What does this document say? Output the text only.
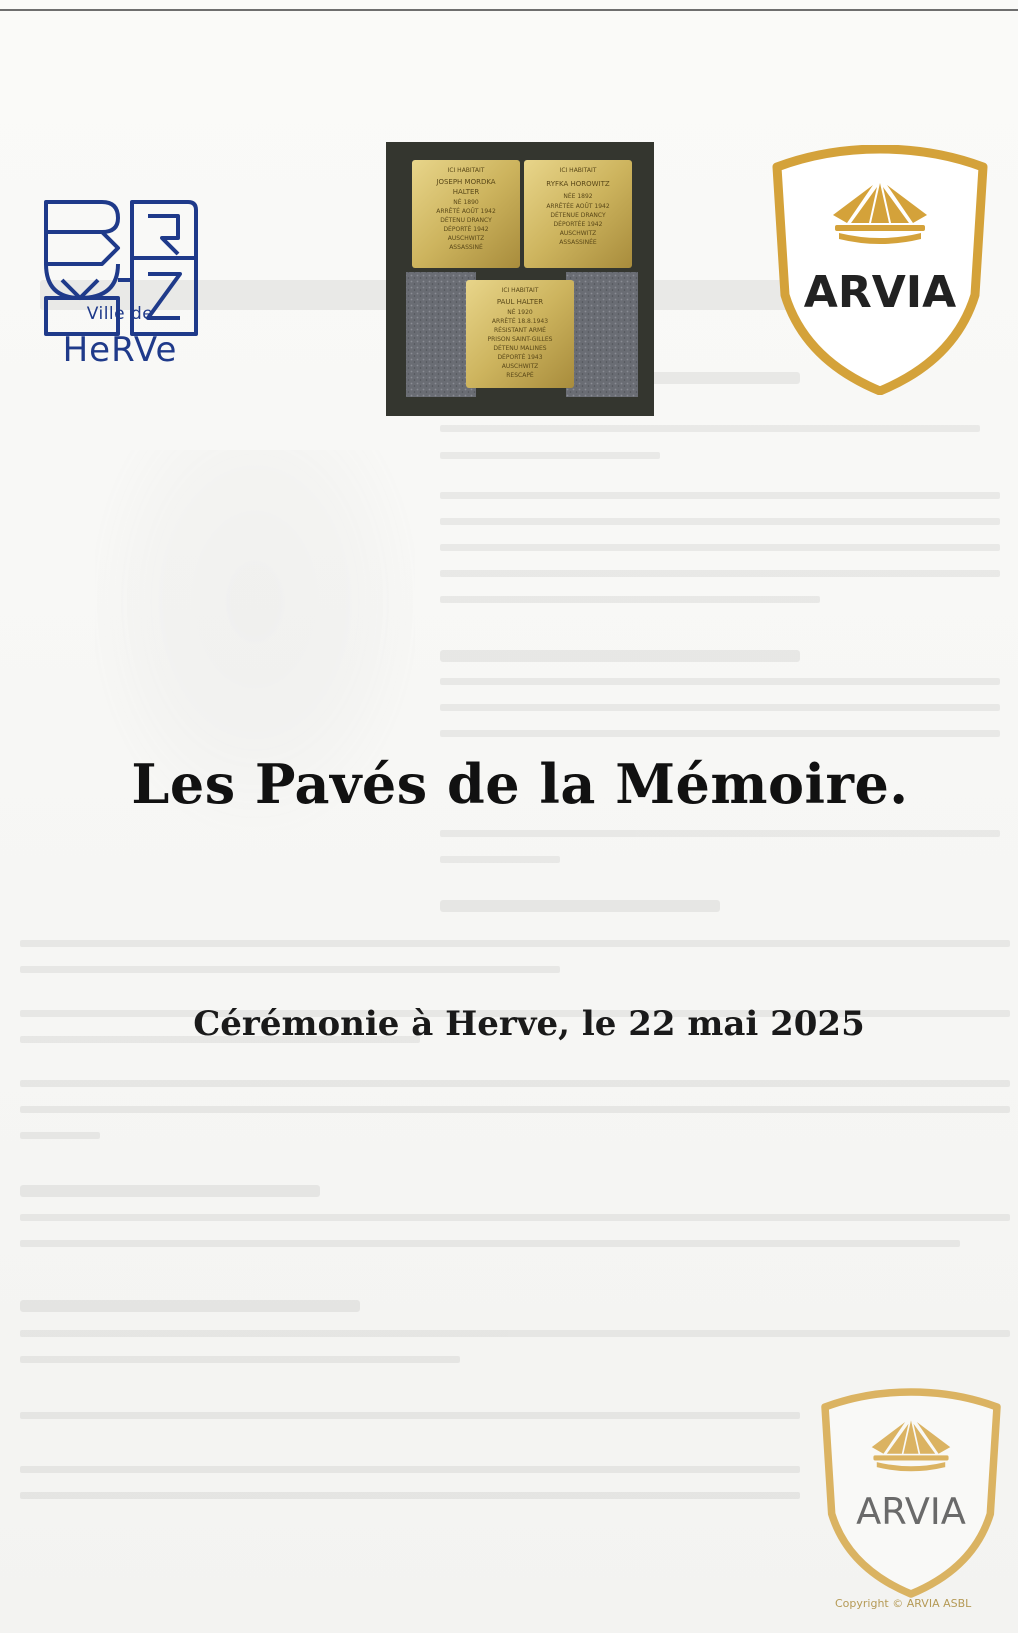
Ville de
HeRVe
ICI HABITAIT
JOSEPH MORDKA
HALTER
NÉ 1890
ARRÊTÉ AOÛT 1942
DÉTENU DRANCY
DÉPORTÉ 1942
AUSCHWITZ
ASSASSINÉ
ICI HABITAIT
RYFKA HOROWITZ
NÉE 1892
ARRÊTÉE AOÛT 1942
DÉTENUE DRANCY
DÉPORTÉE 1942
AUSCHWITZ
ASSASSINÉE
ICI HABITAIT
PAUL HALTER
NÉ 1920
ARRÊTÉ 18.8.1943
RÉSISTANT ARMÉ
PRISON SAINT-GILLES
DÉTENU MALINES
DÉPORTÉ 1943
AUSCHWITZ
RESCAPÉ
ARVIA
Les Pavés de la Mémoire.
Cérémonie à Herve, le 22 mai 2025
ARVIA
Copyright © ARVIA ASBL
